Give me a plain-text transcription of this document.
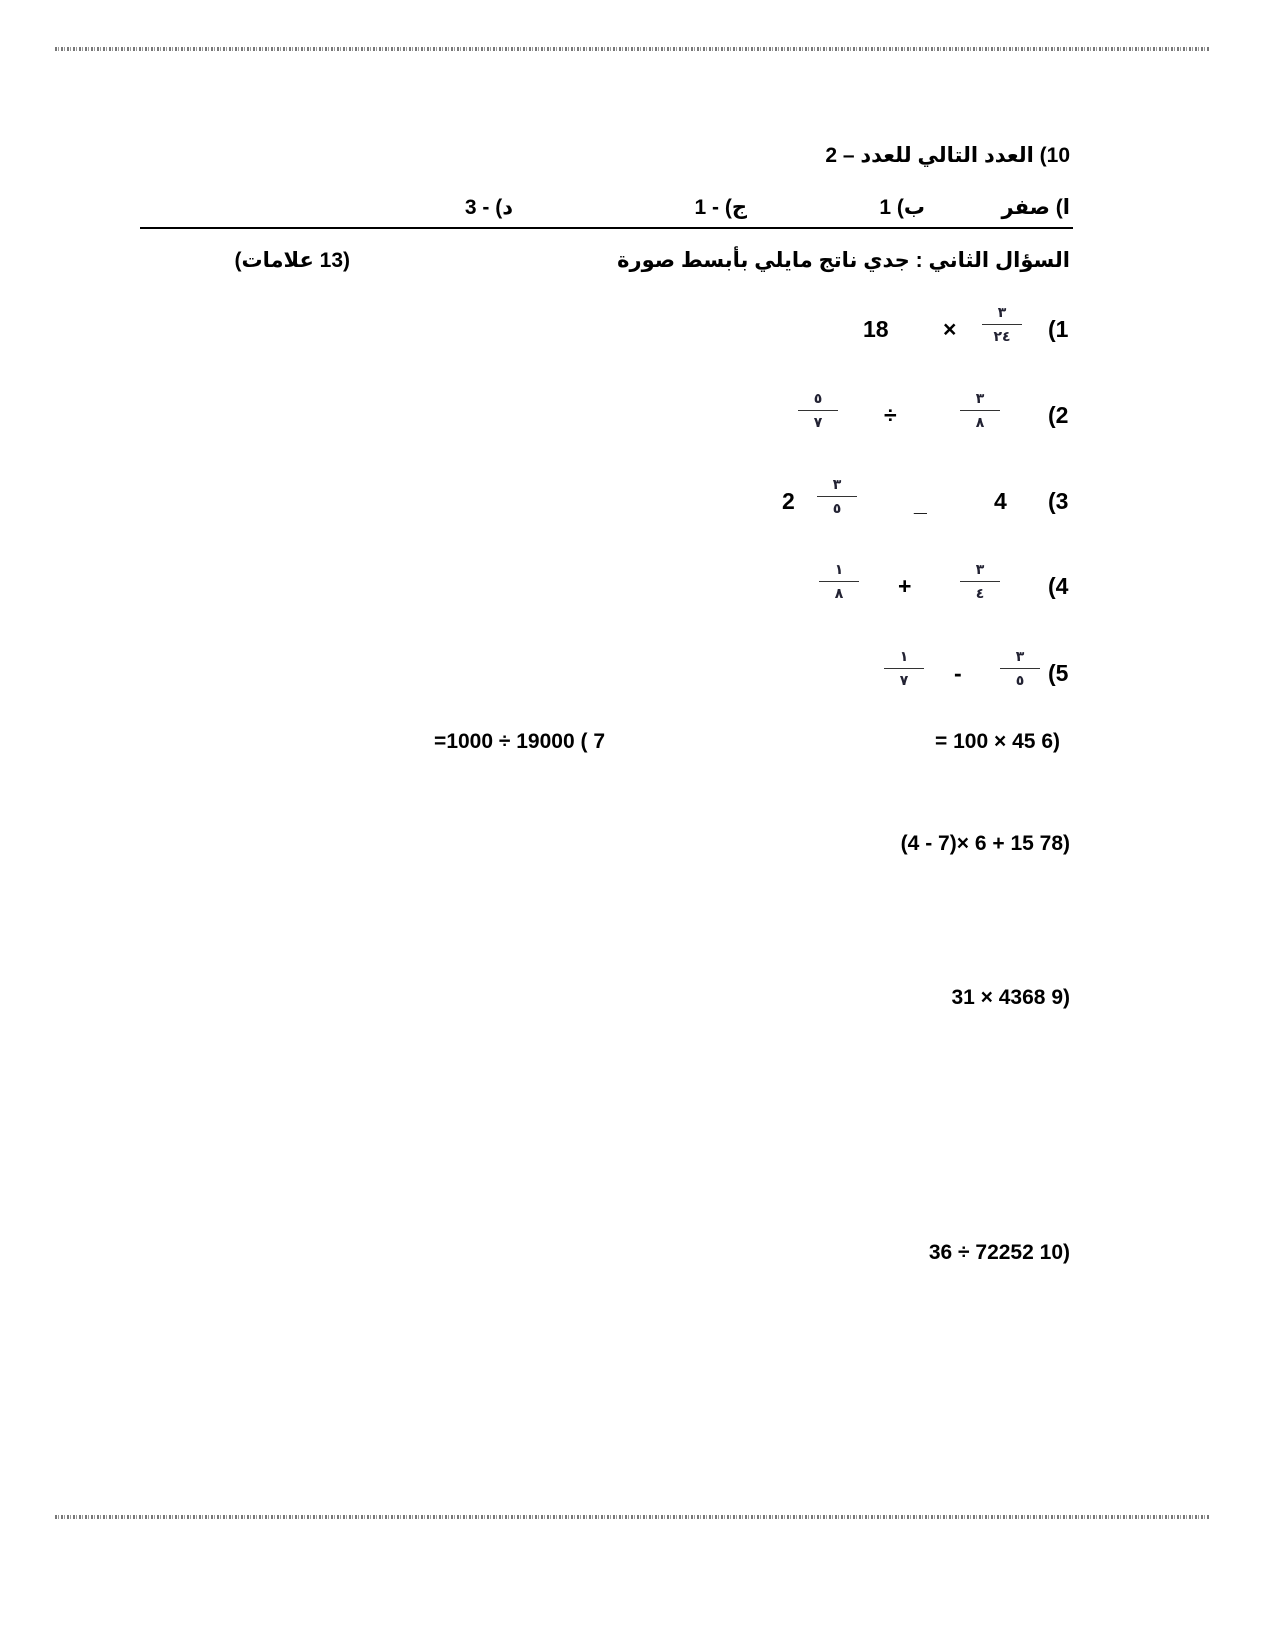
10) العدد التالي للعدد – 2
ا) صفر
ب) 1
ج) - 1
د) - 3
السؤال الثاني : جدي ناتج مايلي بأبسط صورة
(13 علامات)
(1
٣
٢٤
×
18
(2
٣
٨
÷
٥
٧
(3
4
_
٣
٥
2
(4
٣
٤
+
١
٨
(5
٣
٥
-
١
٧
(6 45 × 100 =
7 ) 19000 ÷ 1000=
(78 15 + 6 ×(7 - 4)
(9 4368 × 31
(10 72252 ÷ 36
